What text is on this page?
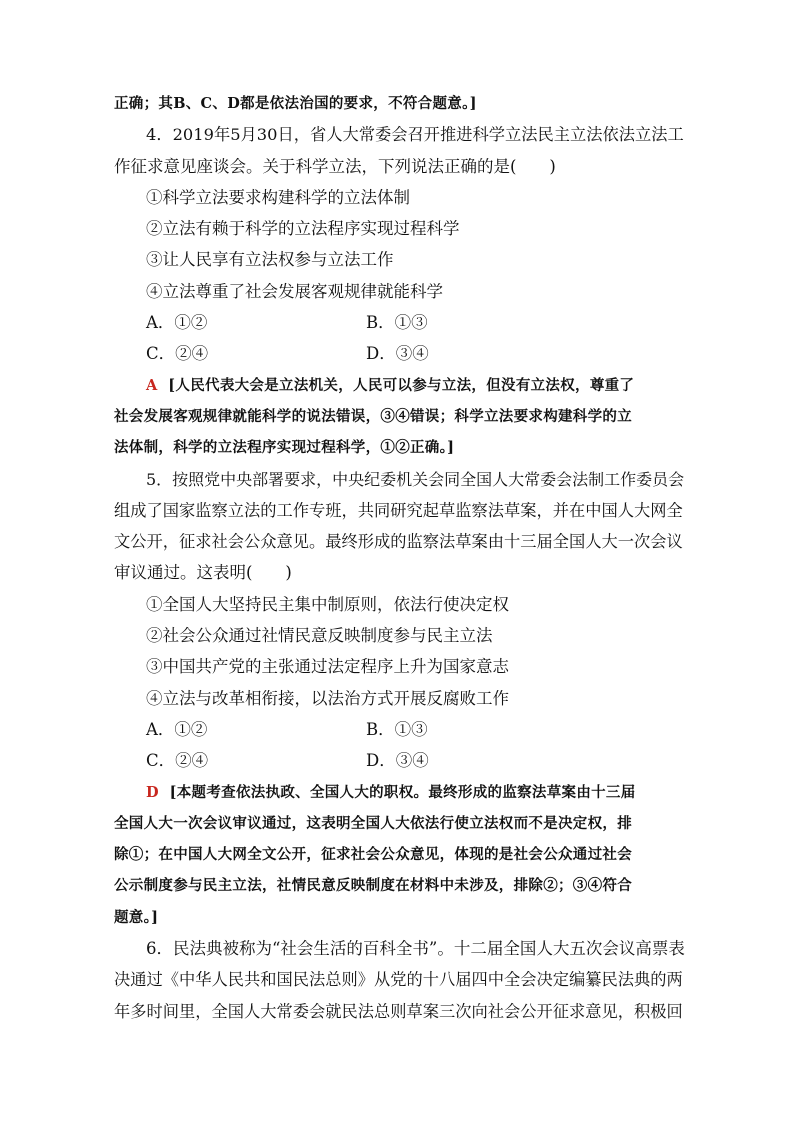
正确；其B、C、D都是依法治国的要求，不符合题意。]
4．2019年5月30日，省人大常委会召开推进科学立法民主立法依法立法工
作征求意见座谈会。关于科学立法，下列说法正确的是(　　)
①科学立法要求构建科学的立法体制
②立法有赖于科学的立法程序实现过程科学
③让人民享有立法权参与立法工作
④立法尊重了社会发展客观规律就能科学
A．①②	B．①③
C．②④	D．③④
A [人民代表大会是立法机关，人民可以参与立法，但没有立法权，尊重了
社会发展客观规律就能科学的说法错误，③④错误；科学立法要求构建科学的立
法体制，科学的立法程序实现过程科学，①②正确。]
5．按照党中央部署要求，中央纪委机关会同全国人大常委会法制工作委员会
组成了国家监察立法的工作专班，共同研究起草监察法草案，并在中国人大网全
文公开，征求社会公众意见。最终形成的监察法草案由十三届全国人大一次会议
审议通过。这表明(　　)
①全国人大坚持民主集中制原则，依法行使决定权
②社会公众通过社情民意反映制度参与民主立法
③中国共产党的主张通过法定程序上升为国家意志
④立法与改革相衔接，以法治方式开展反腐败工作
A．①②	B．①③
C．②④	D．③④
D [本题考查依法执政、全国人大的职权。最终形成的监察法草案由十三届
全国人大一次会议审议通过，这表明全国人大依法行使立法权而不是决定权，排
除①；在中国人大网全文公开，征求社会公众意见，体现的是社会公众通过社会
公示制度参与民主立法，社情民意反映制度在材料中未涉及，排除②；③④符合
题意。]
6．民法典被称为“社会生活的百科全书”。十二届全国人大五次会议高票表
决通过《中华人民共和国民法总则》从党的十八届四中全会决定编纂民法典的两
年多时间里，全国人大常委会就民法总则草案三次向社会公开征求意见，积极回
